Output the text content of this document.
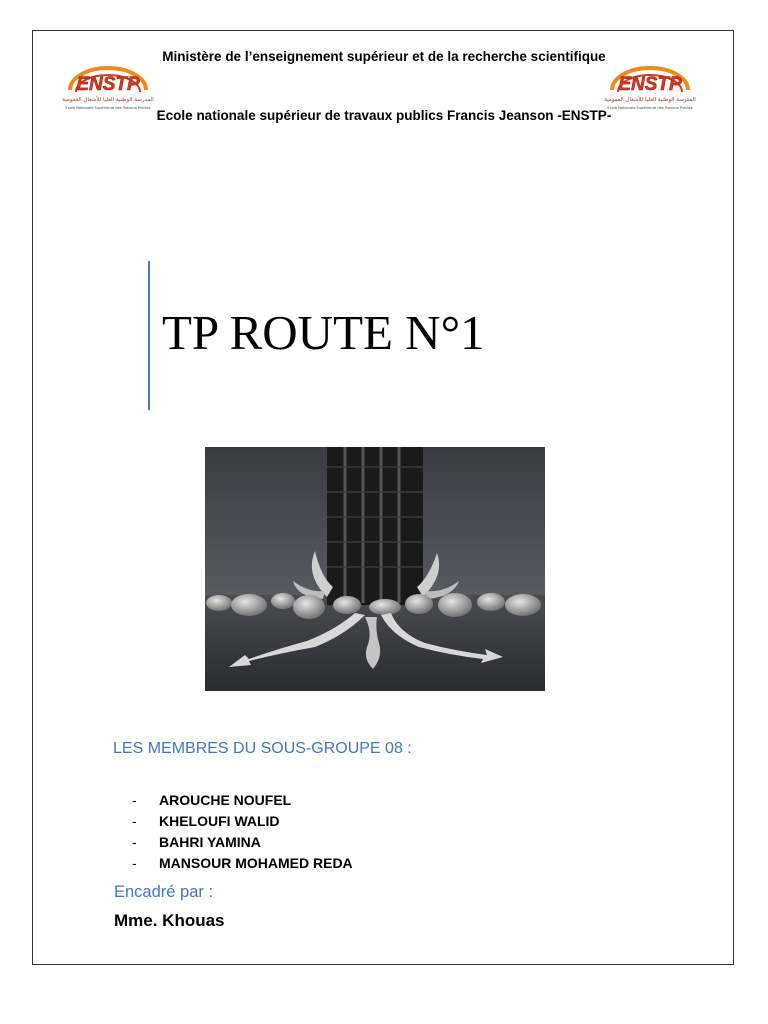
ENSTP
المدرسة الوطنية العليا للأشغال العمومية
Ecole Nationale Supérieure des Travaux Publics
ENSTP
المدرسة الوطنية العليا للأشغال العمومية
Ecole Nationale Supérieure des Travaux Publics
Ministère de l’enseignement supérieur et de la recherche scientifique
Ecole nationale supérieur de travaux publics Francis Jeanson -ENSTP-
TP ROUTE N°1
LES MEMBRES DU SOUS-GROUPE 08 :
- AROUCHE NOUFEL
- KHELOUFI WALID
- BAHRI YAMINA
- MANSOUR MOHAMED REDA
Encadré par :
Mme. Khouas
